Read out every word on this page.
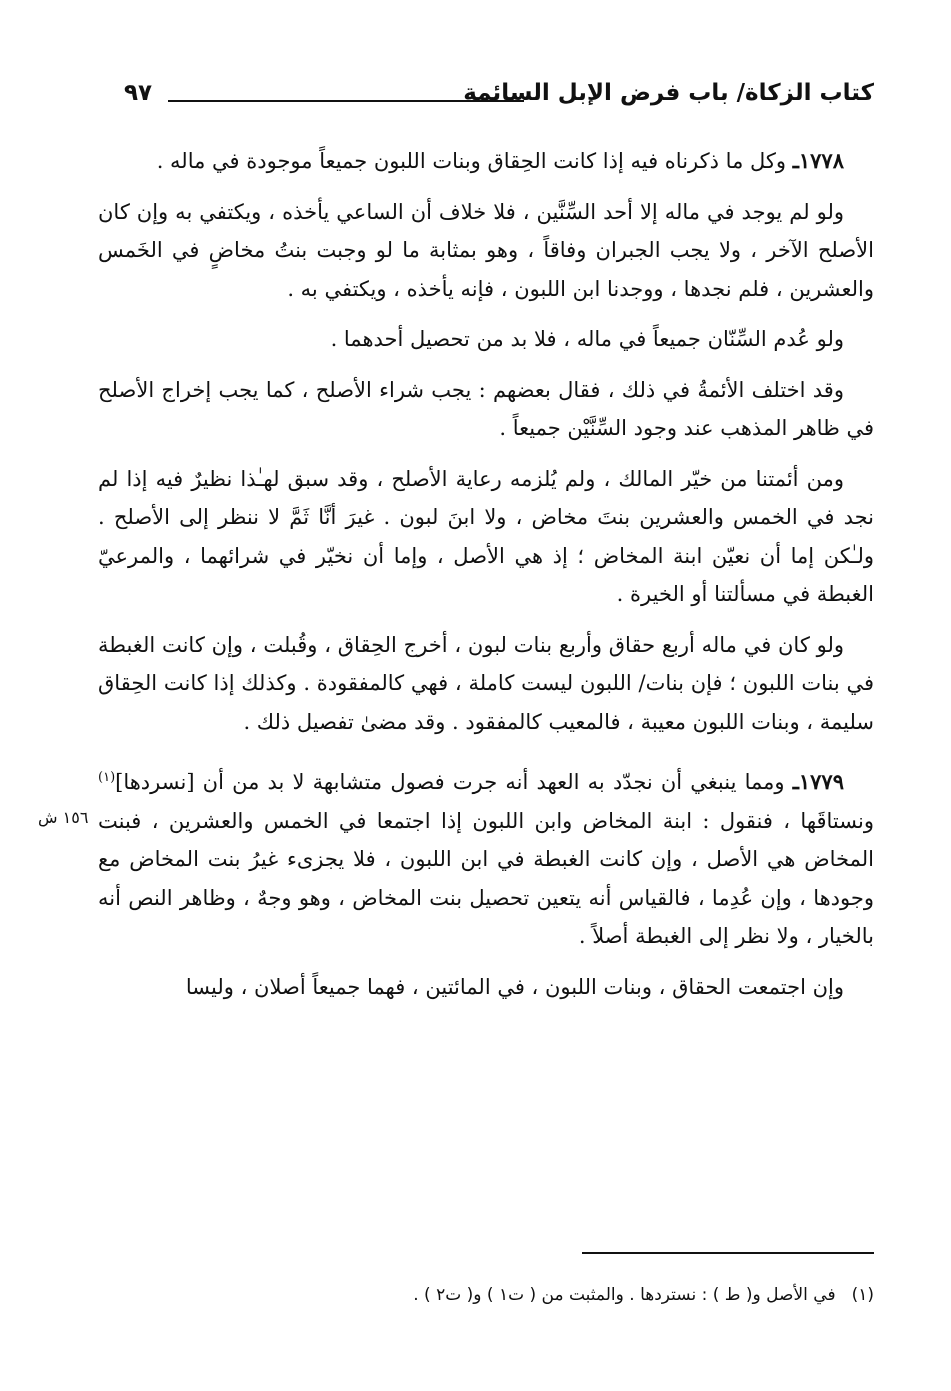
كتاب الزكاة/ باب فرض الإبل السائمة
٩٧
١٥٦ ش

١٧٧٨ـ وكل ما ذكرناه فيه إذا كانت الحِقاق وبنات اللبون جميعاً موجودة في ماله .

ولو لم يوجد في ماله إلا أحد السِّنَّين ، فلا خلاف أن الساعي يأخذه ، ويكتفي به وإن كان الأصلح الآخر ، ولا يجب الجبران وفاقاً ، وهو بمثابة ما لو وجبت بنتُ مخاضٍ في الخَمس والعشرين ، فلم نجدها ، ووجدنا ابن اللبون ، فإنه يأخذه ، ويكتفي به .

ولو عُدم السِّنّان جميعاً في ماله ، فلا بد من تحصيل أحدهما .

وقد اختلف الأئمةُ في ذلك ، فقال بعضهم : يجب شراء الأصلح ، كما يجب إخراج الأصلح في ظاهر المذهب عند وجود السِّنَّيْن جميعاً .

ومن أئمتنا من خيّر المالك ، ولم يُلزمه رعاية الأصلح ، وقد سبق لهـٰذا نظيرٌ فيه إذا لم نجد في الخمس والعشرين بنتَ مخاض ، ولا ابنَ لبون . غيرَ أنَّا ثَمَّ لا ننظر إلى الأصلح . ولـٰكن إما أن نعيّن ابنة المخاض ؛ إذ هي الأصل ، وإما أن نخيّر في شرائهما ، والمرعيّ الغبطة في مسألتنا أو الخيرة .

ولو كان في ماله أربع حقاق وأربع بنات لبون ، أخرج الحِقاق ، وقُبلت ، وإن كانت الغبطة في بنات اللبون ؛ فإن بنات/ اللبون ليست كاملة ، فهي كالمفقودة . وكذلك إذا كانت الحِقاق سليمة ، وبنات اللبون معيبة ، فالمعيب كالمفقود . وقد مضىٰ تفصيل ذلك .

١٧٧٩ـ ومما ينبغي أن نجدّد به العهد أنه جرت فصول متشابهة لا بد من أن [نسردها]$^{(١)}$ ونستاقَها ، فنقول : ابنة المخاض وابن اللبون إذا اجتمعا في الخمس والعشرين ، فبنت المخاض هي الأصل ، وإن كانت الغبطة في ابن اللبون ، فلا يجزىء غيرُ بنت المخاض مع وجودها ، وإن عُدِما ، فالقياس أنه يتعين تحصيل بنت المخاض ، وهو وجهٌ ، وظاهر النص أنه بالخيار ، ولا نظر إلى الغبطة أصلاً .

وإن اجتمعت الحقاق ، وبنات اللبون ، في المائتين ، فهما جميعاً أصلان ، وليسا

(١)في الأصل و( ط ) : نستردها . والمثبت من ( ت١ ) و( ت٢ ) .
